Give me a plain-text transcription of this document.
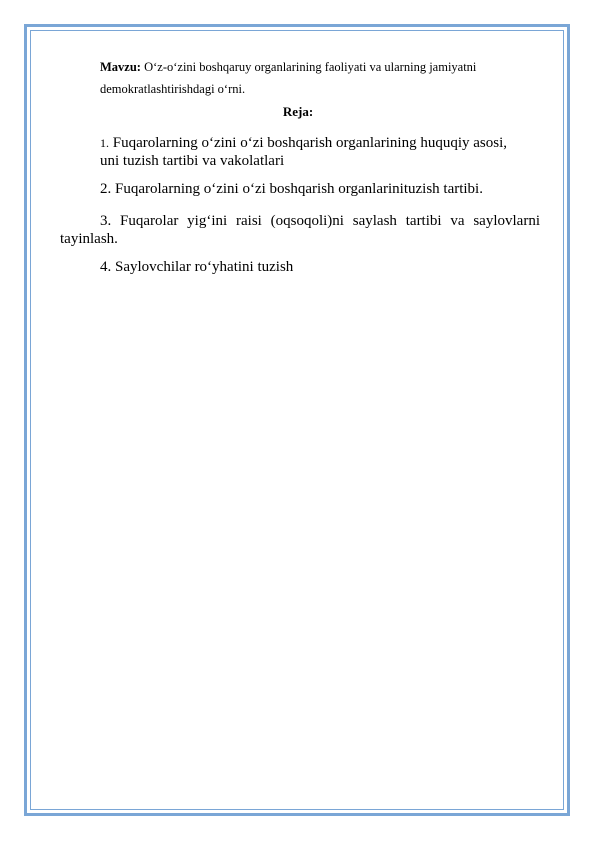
Mavzu: O‘z-o‘zini boshqaruy organlarining faoliyati va ularning jamiyatni
demokratlashtirishdagi o‘rni.
Reja:
1. Fuqarolarning o‘zini o‘zi boshqarish organlarining huquqiy asosi,
uni tuzish tartibi va vakolatlari
2. Fuqarolarning o‘zini o‘zi boshqarish organlarinituzish tartibi.
3. Fuqarolar yig‘ini raisi (oqsoqoli)ni saylash tartibi va saylovlarni
tayinlash.
4. Saylovchilar ro‘yhatini tuzish
